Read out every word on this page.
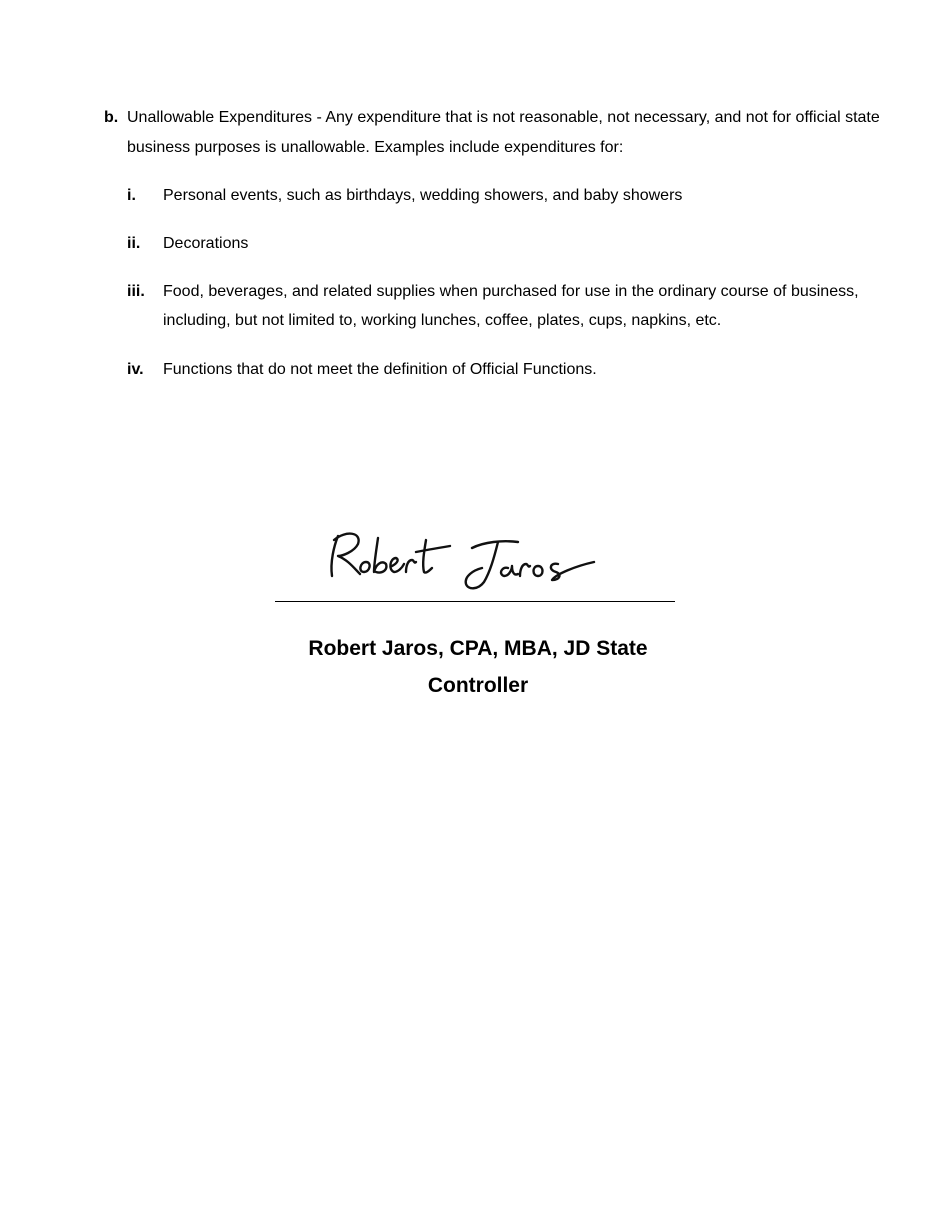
b. Unallowable Expenditures - Any expenditure that is not reasonable, not necessary, and not for official state business purposes is unallowable. Examples include expenditures for:
i. Personal events, such as birthdays, wedding showers, and baby showers
ii. Decorations
iii. Food, beverages, and related supplies when purchased for use in the ordinary course of business, including, but not limited to, working lunches, coffee, plates, cups, napkins, etc.
iv. Functions that do not meet the definition of Official Functions.
Robert Jaros, CPA, MBA, JD State Controller
